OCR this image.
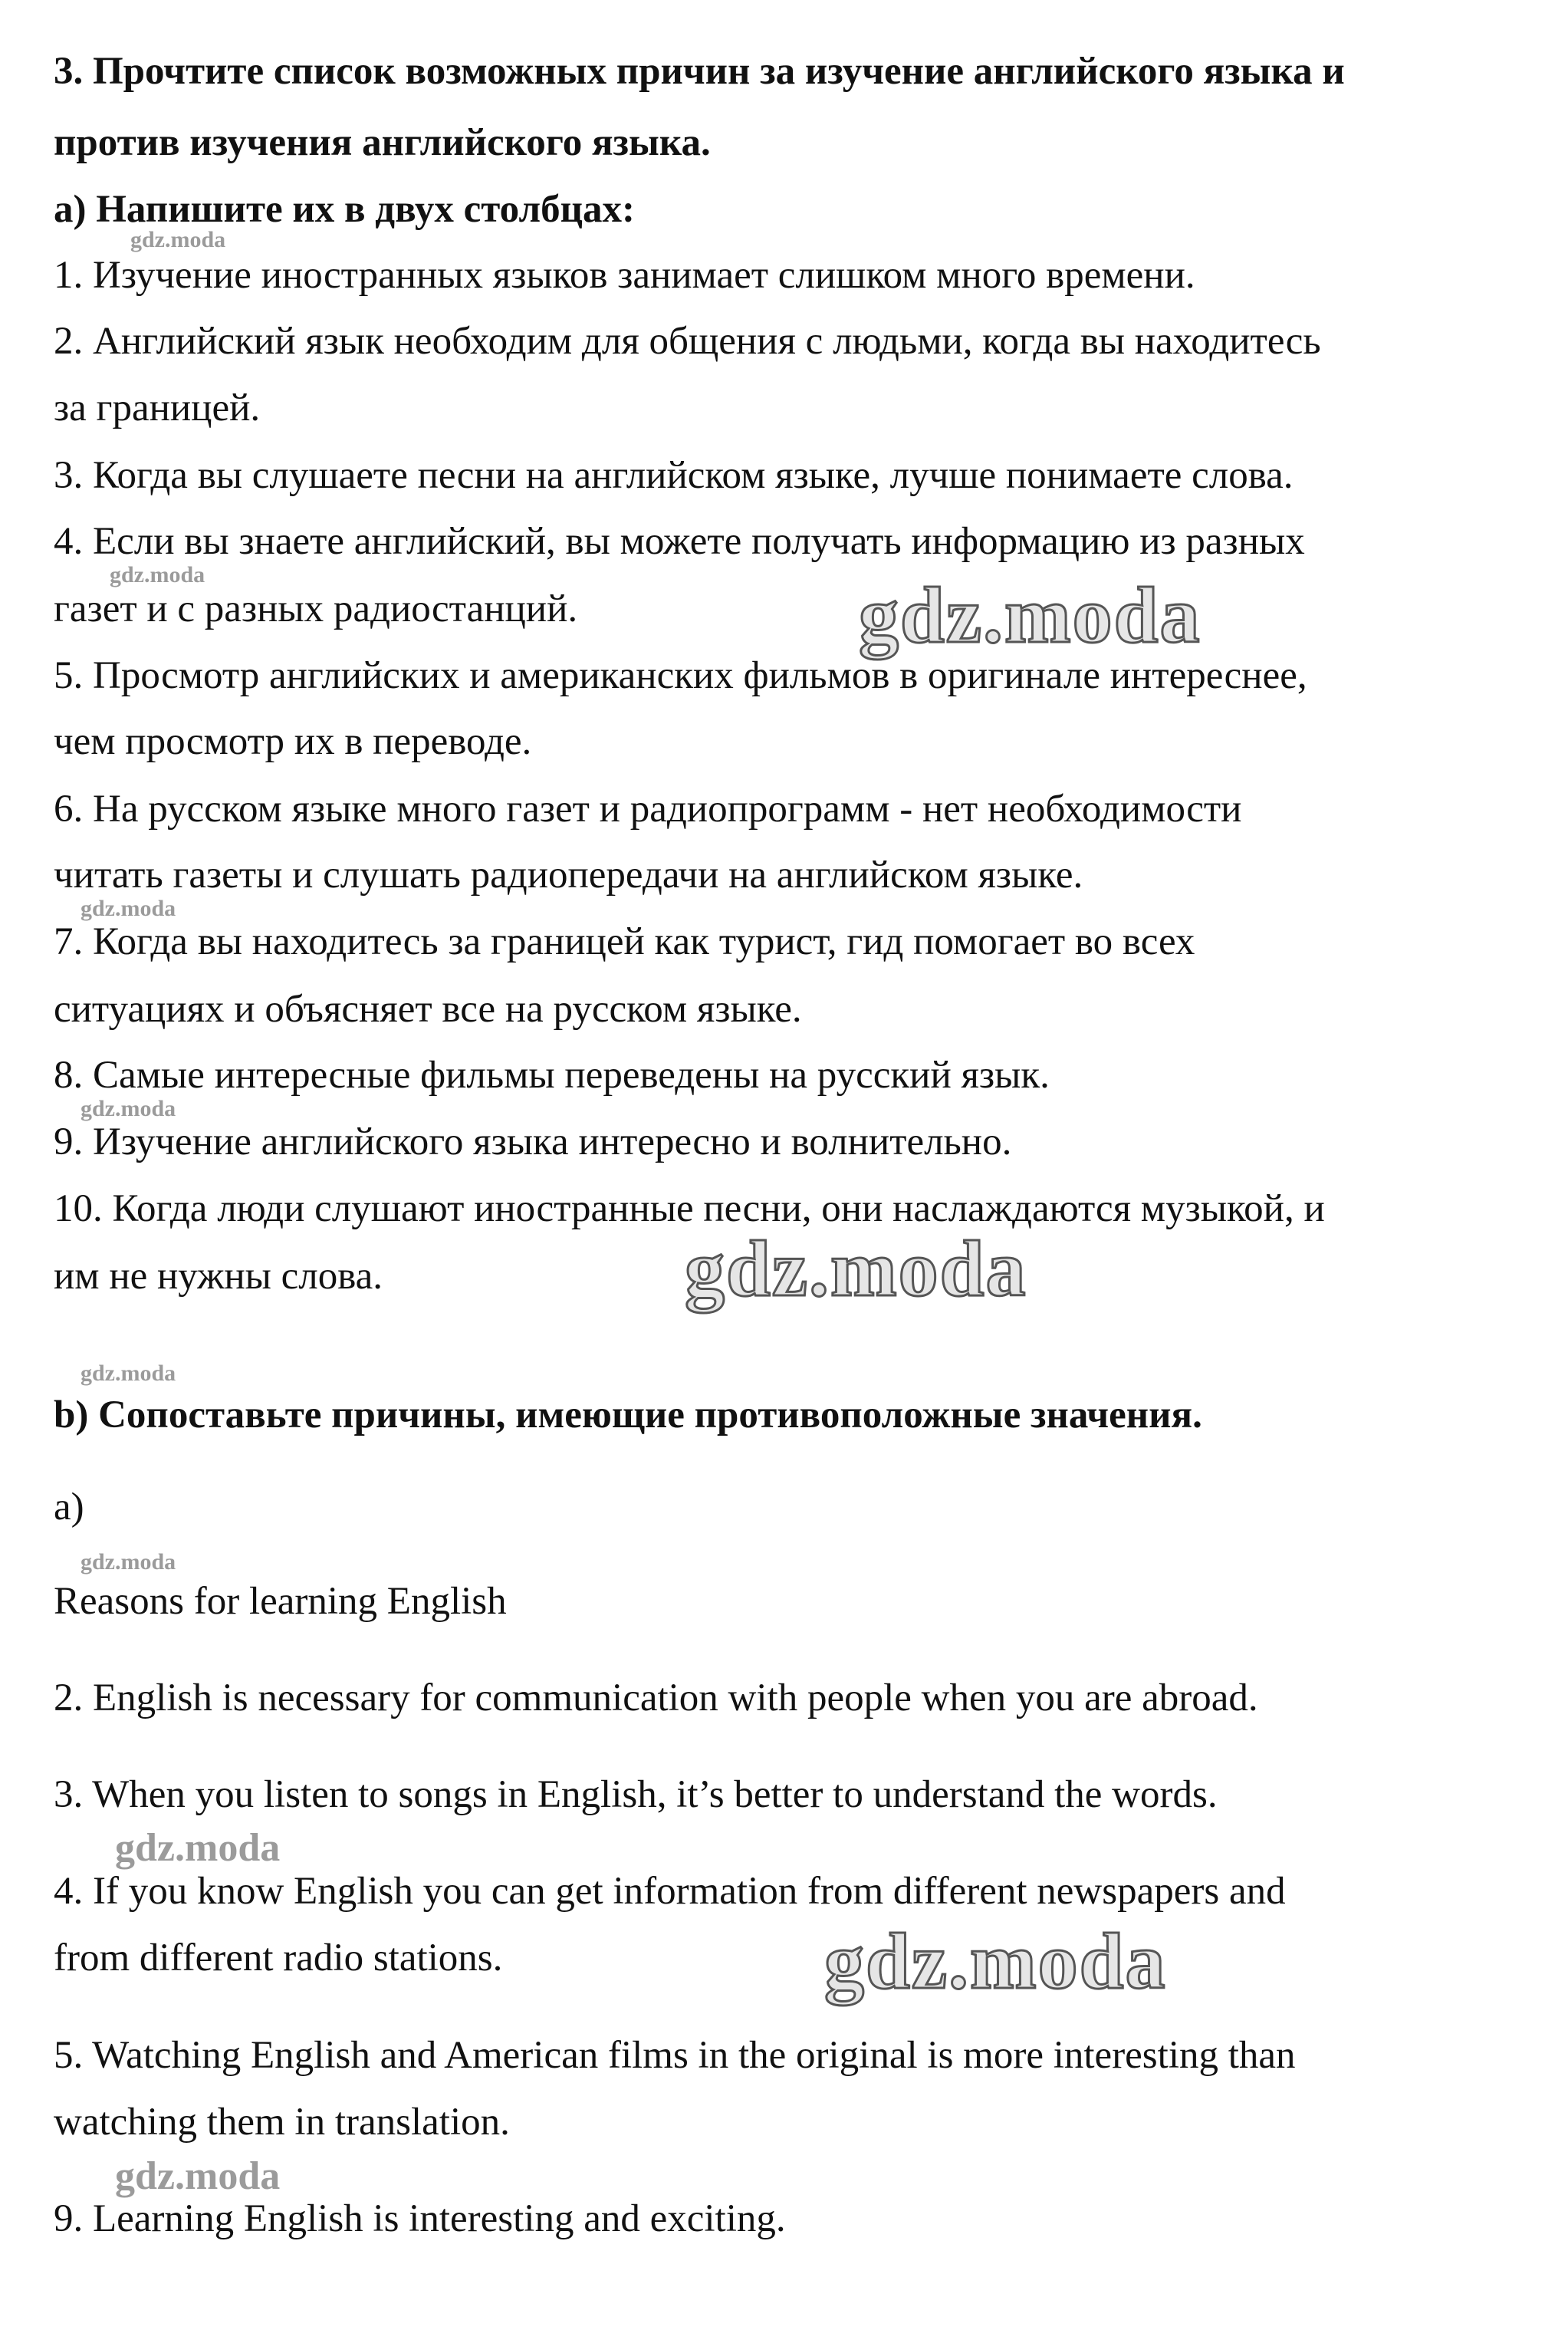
3. Прочтите список возможных причин за изучение английского языка и
против изучения английского языка.
а) Напишите их в двух столбцах:
1. Изучение иностранных языков занимает слишком много времени.
2. Английский язык необходим для общения с людьми, когда вы находитесь
за границей.
3. Когда вы слушаете песни на английском языке, лучше понимаете слова.
4. Если вы знаете английский, вы можете получать информацию из разных
газет и с разных радиостанций.
5. Просмотр английских и американских фильмов в оригинале интереснее,
чем просмотр их в переводе.
6. На русском языке много газет и радиопрограмм - нет необходимости
читать газеты и слушать радиопередачи на английском языке.
7. Когда вы находитесь за границей как турист, гид помогает во всех
ситуациях и объясняет все на русском языке.
8. Самые интересные фильмы переведены на русский язык.
9. Изучение английского языка интересно и волнительно.
10. Когда люди слушают иностранные песни, они наслаждаются музыкой, и
им не нужны слова.
b) Сопоставьте причины, имеющие противоположные значения.
а)
Reasons for learning English
2. English is necessary for communication with people when you are abroad.
3. When you listen to songs in English, it’s better to understand the words.
4. If you know English you can get information from different newspapers and
from different radio stations.
5. Watching English and American films in the original is more interesting than
watching them in translation.
9. Learning English is interesting and exciting.
gdz.moda
gdz.moda
gdz.moda
gdz.moda
gdz.moda
gdz.moda
gdz.moda
gdz.moda
gdz.moda
gdz.moda
gdz.moda
